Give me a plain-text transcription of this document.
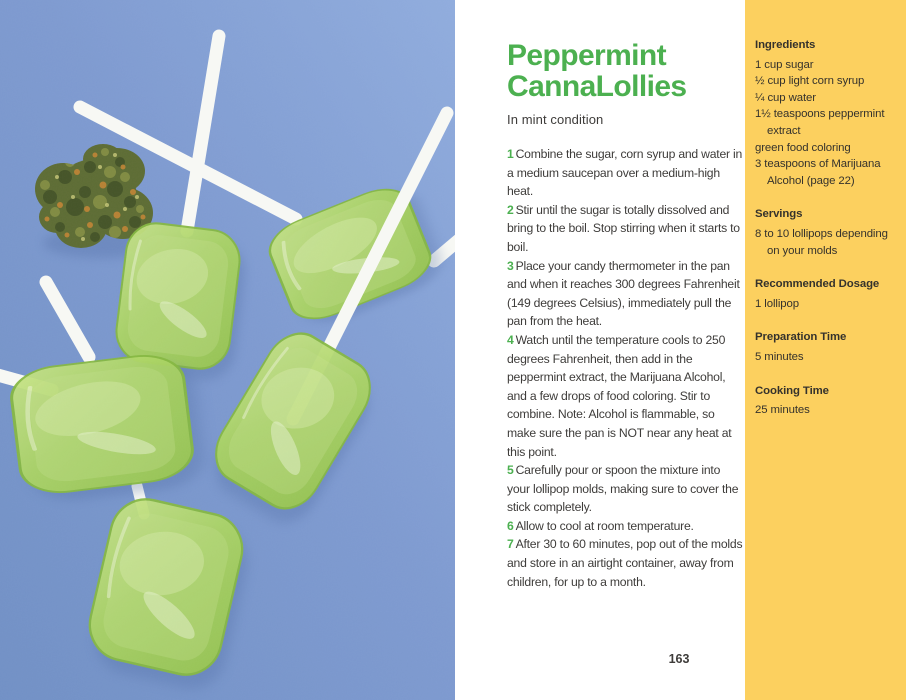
Peppermint
CannaLollies

In mint condition

1 Combine the sugar, corn syrup and water in a medium saucepan over a medium-high heat.

2 Stir until the sugar is totally dissolved and bring to the boil. Stop stirring when it starts to boil.

3 Place your candy thermometer in the pan and when it reaches 300 degrees Fahrenheit (149 degrees Celsius), immediately pull the pan from the heat.

4 Watch until the temperature cools to 250 degrees Fahrenheit, then add in the peppermint extract, the Marijuana Alcohol, and a few drops of food coloring. Stir to combine. Note: Alcohol is flammable, so make sure the pan is NOT near any heat at this point.

5 Carefully pour or spoon the mixture into your lollipop molds, making sure to cover the stick completely.

6 Allow to cool at room temperature.

7 After 30 to 60 minutes, pop out of the molds and store in an airtight container, away from children, for up to a month.

163
Ingredients

1 cup sugar

½ cup light corn syrup

¼ cup water

1½ teaspoons peppermint

extract

green food coloring

3 teaspoons of Marijuana

Alcohol (page 22)

Servings

8 to 10 lollipops depending

on your molds

Recommended Dosage

1 lollipop

Preparation Time

5 minutes

Cooking Time

25 minutes
